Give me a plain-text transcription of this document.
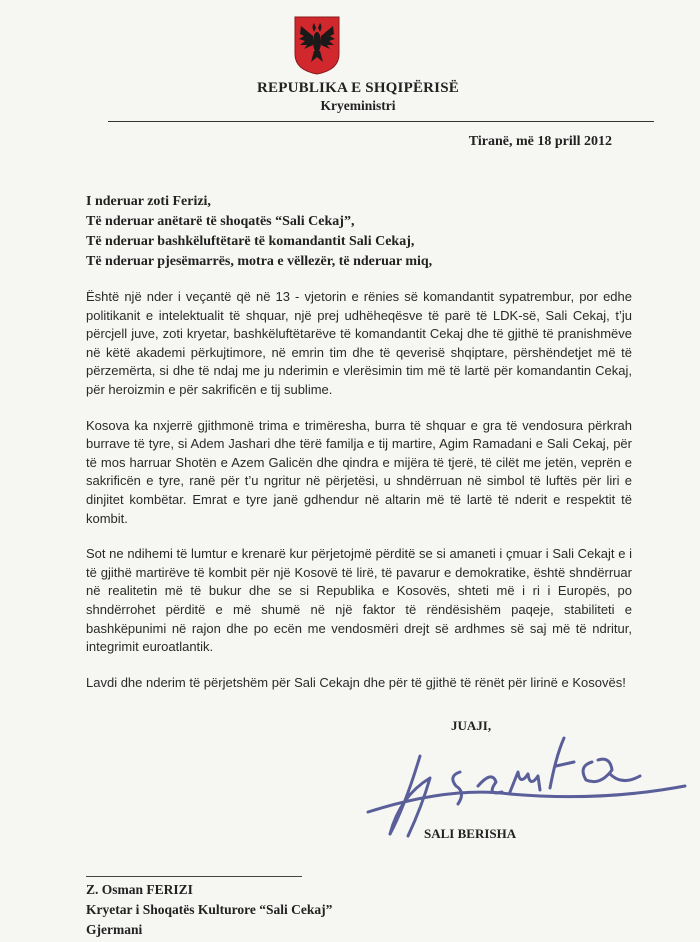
REPUBLIKA E SHQIPËRISË
Kryeministri
Tiranë, më 18 prill 2012
I nderuar zoti Ferizi,
Të nderuar anëtarë të shoqatës “Sali Cekaj”,
Të nderuar bashkëluftëtarë të komandantit Sali Cekaj,
Të nderuar pjesëmarrës, motra e vëllezër, të nderuar miq,

Është një nder i veçantë që në 13 - vjetorin e rënies së komandantit sypatrembur, por edhe politikanit e intelektualit të shquar, një prej udhëheqësve të parë të LDK-së, Sali Cekaj, t’ju përcjell juve, zoti kryetar, bashkëluftëtarëve të komandantit Cekaj dhe të gjithë të pranishmëve në këtë akademi përkujtimore, në emrin tim dhe të qeverisë shqiptare, përshëndetjet më të përzemërta, si dhe të ndaj me ju nderimin e vlerësimin tim më të lartë për komandantin Cekaj, për heroizmin e për sakrificën e tij sublime.

Kosova ka nxjerrë gjithmonë trima e trimëresha, burra të shquar e gra të vendosura përkrah burrave të tyre, si Adem Jashari dhe tërë familja e tij martire, Agim Ramadani e Sali Cekaj, për të mos harruar Shotën e Azem Galicën dhe qindra e mijëra të tjerë, të cilët me jetën, veprën e sakrificën e tyre, ranë për t’u ngritur në përjetësi, u shndërruan në simbol të luftës për liri e dinjitet kombëtar. Emrat e tyre janë gdhendur në altarin më të lartë të nderit e respektit të kombit.

Sot ne ndihemi të lumtur e krenarë kur përjetojmë përditë se si amaneti i çmuar i Sali Cekajt e i të gjithë martirëve të kombit për një Kosovë të lirë, të pavarur e demokratike, është shndërruar në realitetin më të bukur dhe se si Republika e Kosovës, shteti më i ri i Europës, po shndërrohet përditë e më shumë në një faktor të rëndësishëm paqeje, stabiliteti e bashkëpunimi në rajon dhe po ecën me vendosmëri drejt së ardhmes së saj më të ndritur, integrimit euroatlantik.

Lavdi dhe nderim të përjetshëm për Sali Cekajn dhe për të gjithë të rënët për lirinë e Kosovës!

JUAJI,
SALI BERISHA
Z. Osman FERIZI
Kryetar i Shoqatës Kulturore “Sali Cekaj”
Gjermani
